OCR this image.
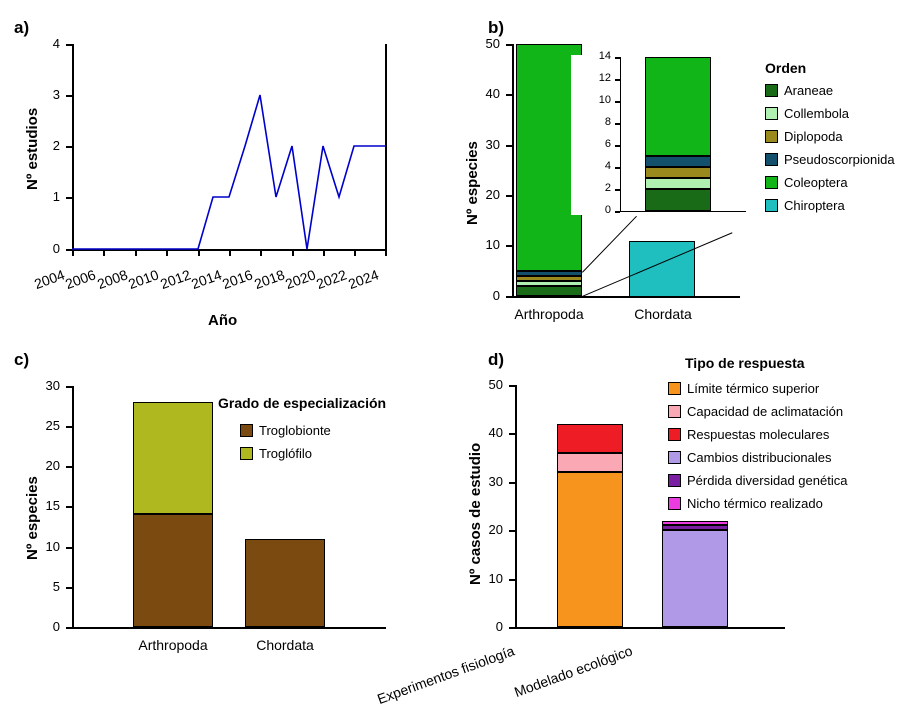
a)
0
1
2
3
4
2004
2006
2008
2010
2012
2014
2016
2018
2020
2022
2024
Nº estudios
Año
b)
0
10
20
30
40
50
Nº especies
Arthropoda	Chordata
0
2
4
6
8
10
12
14
Orden
Araneae
Collembola
Diplopoda
Pseudoscorpionida
Coleoptera
Chiroptera
c)
0
5
10
15
20
25
30
Nº especies
Arthropoda	Chordata
Grado de especialización
Troglobionte
Troglófilo
d)
0
10
20
30
40
50
Nº casos de estudio
Experimentos fisiología
Modelado ecológico
Tipo de respuesta
Límite térmico superior
Capacidad de aclimatación
Respuestas moleculares
Cambios distribucionales
Pérdida diversidad genética
Nicho térmico realizado
